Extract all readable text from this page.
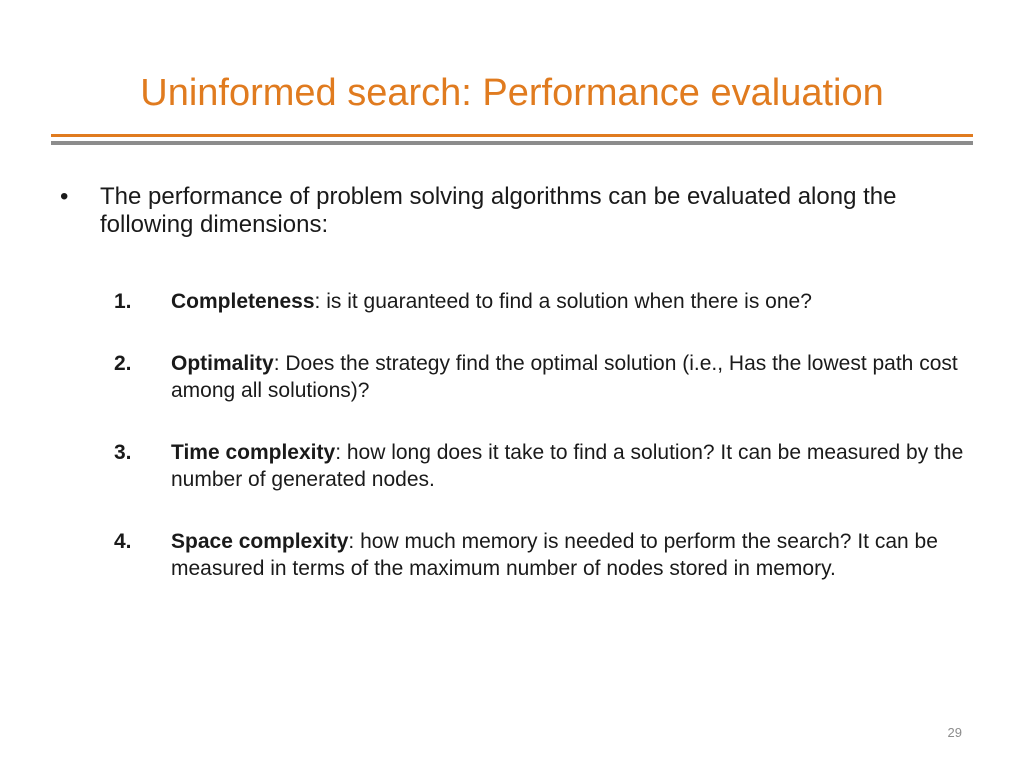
Uninformed search: Performance evaluation
•	The performance of problem solving algorithms can be evaluated along the following dimensions:
1. Completeness: is it guaranteed to find a solution when there is one?
2. Optimality: Does the strategy find the optimal solution (i.e., Has the lowest path cost among all solutions)?
3. Time complexity: how long does it take to find a solution? It can be measured by the number of generated nodes.
4. Space complexity: how much memory is needed to perform the search? It can be measured in terms of the maximum number of nodes stored in memory.
29
